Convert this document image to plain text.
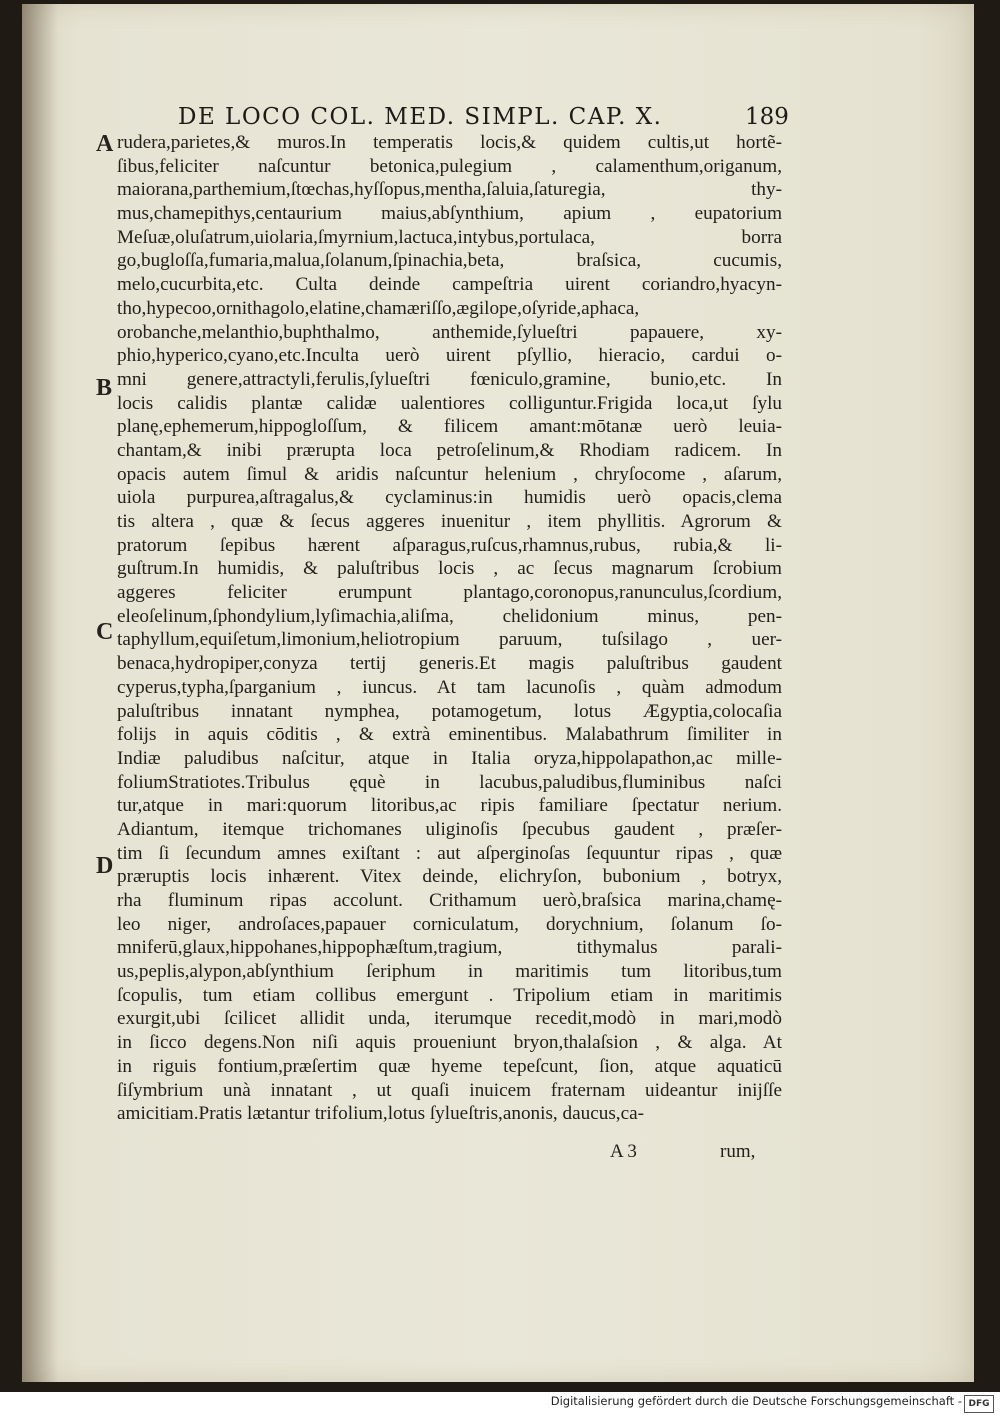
DE LOCO COL. MED. SIMPL. CAP. X.	189
A
B
C
D
rudera,parietes,& muros.In temperatis locis,& quidem cultis,ut hortẽ-
ſibus,feliciter naſcuntur betonica,pulegium , calamenthum,origanum,
maiorana,parthemium,ſtœchas,hyſſopus,mentha,ſaluia,ſaturegia, thy-
mus,chamepithys,centaurium maius,abſynthium, apium , eupatorium
Meſuæ,oluſatrum,uiolaria,ſmyrnium,lactuca,intybus,portulaca, borra
go,bugloſſa,fumaria,malua,ſolanum,ſpinachia,beta, braſsica, cucumis,
melo,cucurbita,etc. Culta deinde campeſtria uirent coriandro,hyacyn-
tho,hypecoo,ornithagolo,elatine,chamæriſſo,ægilope,oſyride,aphaca,
orobanche,melanthio,buphthalmo, anthemide,ſylueſtri papauere, xy-
phio,hyperico,cyano,etc.Inculta uerò uirent pſyllio, hieracio, cardui o-
mni genere,attractyli,ferulis,ſylueſtri fœniculo,gramine, bunio,etc. In
locis calidis plantæ calidæ ualentiores colliguntur.Frigida loca,ut ſylu
planę,ephemerum,hippogloſſum, & filicem amant:mōtanæ uerò leuia-
chantam,& inibi prærupta loca petroſelinum,& Rhodiam radicem. In
opacis autem ſimul & aridis naſcuntur helenium , chryſocome , aſarum,
uiola purpurea,aſtragalus,& cyclaminus:in humidis uerò opacis,clema
tis altera , quæ & ſecus aggeres inuenitur , item phyllitis. Agrorum &
pratorum ſepibus hærent aſparagus,ruſcus,rhamnus,rubus, rubia,& li-
guſtrum.In humidis, & paluſtribus locis , ac ſecus magnarum ſcrobium
aggeres feliciter erumpunt plantago,coronopus,ranunculus,ſcordium,
eleoſelinum,ſphondylium,lyſimachia,aliſma, chelidonium minus, pen-
taphyllum,equiſetum,limonium,heliotropium paruum, tuſsilago , uer-
benaca,hydropiper,conyza tertij generis.Et magis paluſtribus gaudent
cyperus,typha,ſparganium , iuncus. At tam lacunoſis , quàm admodum
paluſtribus innatant nymphea, potamogetum, lotus Ægyptia,colocaſia
folijs in aquis cōditis , & extrà eminentibus. Malabathrum ſimiliter in
Indiæ paludibus naſcitur, atque in Italia oryza,hippolapathon,ac mille-
foliumStratiotes.Tribulus ęquè in lacubus,paludibus,fluminibus naſci
tur,atque in mari:quorum litoribus,ac ripis familiare ſpectatur nerium.
Adiantum, itemque trichomanes uliginoſis ſpecubus gaudent , præſer-
tim ſi ſecundum amnes exiſtant : aut aſperginoſas ſequuntur ripas , quæ
præruptis locis inhærent. Vitex deinde, elichryſon, bubonium , botryx,
rha fluminum ripas accolunt. Crithamum uerò,braſsica marina,chamę-
leo niger, androſaces,papauer corniculatum, dorychnium, ſolanum ſo-
mniferū,glaux,hippohanes,hippophæſtum,tragium, tithymalus parali-
us,peplis,alypon,abſynthium ſeriphum in maritimis tum litoribus,tum
ſcopulis, tum etiam collibus emergunt . Tripolium etiam in maritimis
exurgit,ubi ſcilicet allidit unda, iterumque recedit,modò in mari,modò
in ſicco degens.Non niſi aquis proueniunt bryon,thalaſsion , & alga. At
in riguis fontium,præſertim quæ hyeme tepeſcunt, ſion, atque aquaticū
ſiſymbrium unà innatant , ut quaſi inuicem fraternam uideantur inijſſe
amicitiam.Pratis lætantur trifolium,lotus ſylueſtris,anonis, daucus,ca-
A 3	rum,
Digitalisierung gefördert durch die Deutsche Forschungsgemeinschaft - DFG
